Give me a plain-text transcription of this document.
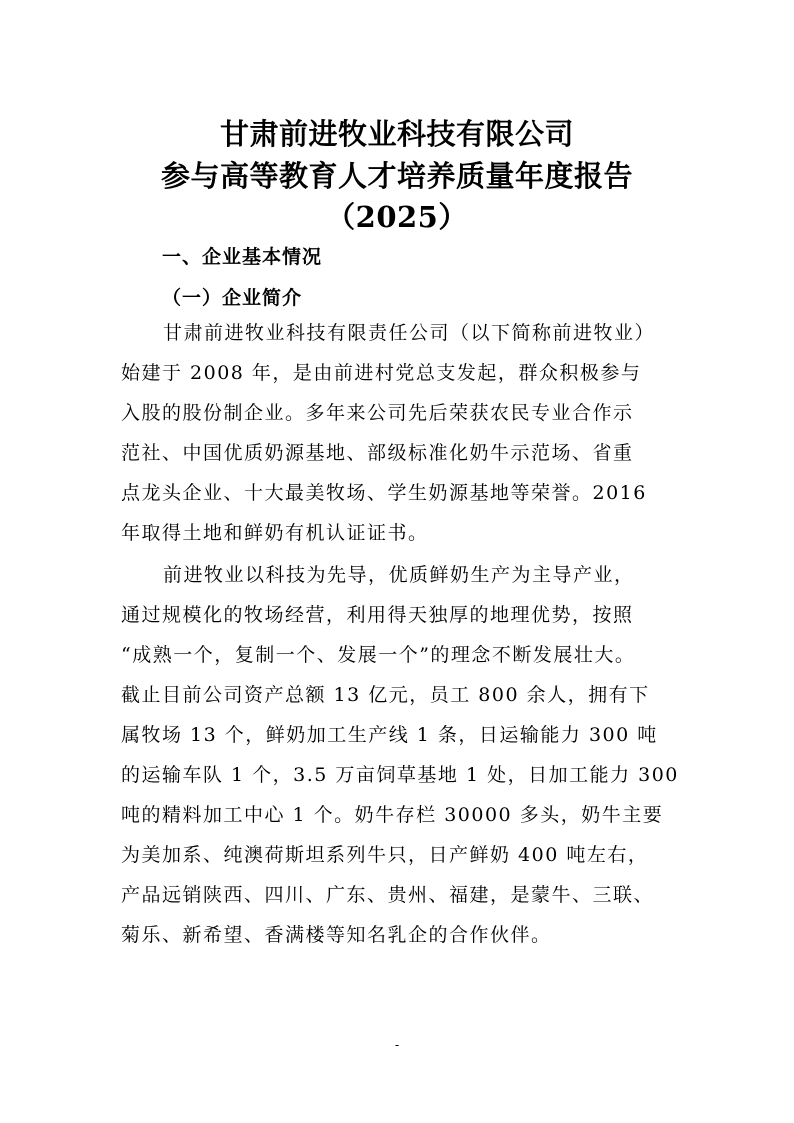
甘肃前进牧业科技有限公司
参与高等教育人才培养质量年度报告
（2025）
一、企业基本情况
（一）企业简介
甘肃前进牧业科技有限责任公司（以下简称前进牧业）
始建于 2008 年，是由前进村党总支发起，群众积极参与
入股的股份制企业。多年来公司先后荣获农民专业合作示
范社、中国优质奶源基地、部级标准化奶牛示范场、省重
点龙头企业、十大最美牧场、学生奶源基地等荣誉。2016
年取得土地和鲜奶有机认证证书。
前进牧业以科技为先导，优质鲜奶生产为主导产业，
通过规模化的牧场经营，利用得天独厚的地理优势，按照
“成熟一个，复制一个、发展一个”的理念不断发展壮大。
截止目前公司资产总额 13 亿元，员工 800 余人，拥有下
属牧场 13 个，鲜奶加工生产线 1 条，日运输能力 300 吨
的运输车队 1 个，3.5 万亩饲草基地 1 处，日加工能力 300
吨的精料加工中心 1 个。奶牛存栏 30000 多头，奶牛主要
为美加系、纯澳荷斯坦系列牛只，日产鲜奶 400 吨左右，
产品远销陕西、四川、广东、贵州、福建，是蒙牛、三联、
菊乐、新希望、香满楼等知名乳企的合作伙伴。
-
